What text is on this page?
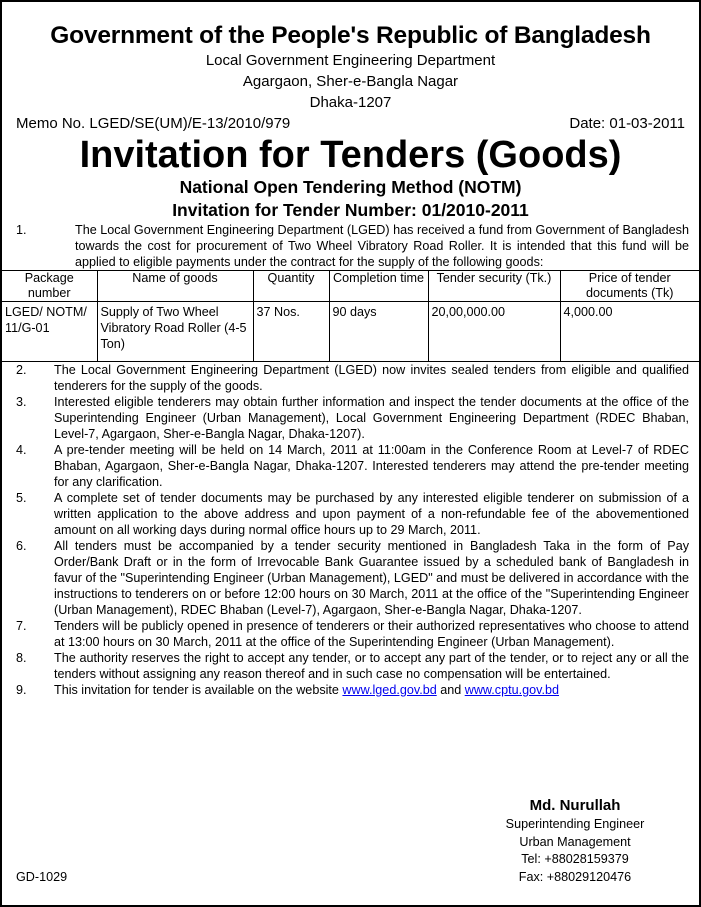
Government of the People's Republic of Bangladesh
Local Government Engineering Department
Agargaon, Sher-e-Bangla Nagar
Dhaka-1207
Memo No. LGED/SE(UM)/E-13/2010/979	Date: 01-03-2011
Invitation for Tenders (Goods)
National Open Tendering Method (NOTM)
Invitation for Tender Number: 01/2010-2011
1.	The Local Government Engineering Department (LGED) has received a fund from Government of Bangladesh towards the cost for procurement of Two Wheel Vibratory Road Roller. It is intended that this fund will be applied to eligible payments under the contract for the supply of the following goods:
Package number	Name of goods	Quantity	Completion time	Tender security (Tk.)	Price of tender documents (Tk)
LGED/ NOTM/ 11/G-01	Supply of Two Wheel Vibratory Road Roller (4-5 Ton)	37 Nos.	90 days	20,00,000.00	4,000.00
2.	The Local Government Engineering Department (LGED) now invites sealed tenders from eligible and qualified tenderers for the supply of the goods.
3.	Interested eligible tenderers may obtain further information and inspect the tender documents at the office of the Superintending Engineer (Urban Management), Local Government Engineering Department (RDEC Bhaban, Level-7, Agargaon, Sher-e-Bangla Nagar, Dhaka-1207).
4.	A pre-tender meeting will be held on 14 March, 2011 at 11:00am in the Conference Room at Level-7 of RDEC Bhaban, Agargaon, Sher-e-Bangla Nagar, Dhaka-1207. Interested tenderers may attend the pre-tender meeting for any clarification.
5.	A complete set of tender documents may be purchased by any interested eligible tenderer on submission of a written application to the above address and upon payment of a non-refundable fee of the abovementioned amount on all working days during normal office hours up to 29 March, 2011.
6.	All tenders must be accompanied by a tender security mentioned in Bangladesh Taka in the form of Pay Order/Bank Draft or in the form of Irrevocable Bank Guarantee issued by a scheduled bank of Bangladesh in favur of the "Superintending Engineer (Urban Management), LGED" and must be delivered in accordance with the instructions to tenderers on or before 12:00 hours on 30 March, 2011 at the office of the "Superintending Engineer (Urban Management), RDEC Bhaban (Level-7), Agargaon, Sher-e-Bangla Nagar, Dhaka-1207.
7.	Tenders will be publicly opened in presence of tenderers or their authorized representatives who choose to attend at 13:00 hours on 30 March, 2011 at the office of the Superintending Engineer (Urban Management).
8.	The authority reserves the right to accept any tender, or to accept any part of the tender, or to reject any or all the tenders without assigning any reason thereof and in such case no compensation will be entertained.
9.	This invitation for tender is available on the website www.lged.gov.bd and www.cptu.gov.bd
Md. Nurullah
Superintending Engineer
Urban Management
Tel: +88028159379
Fax: +88029120476
GD-1029
